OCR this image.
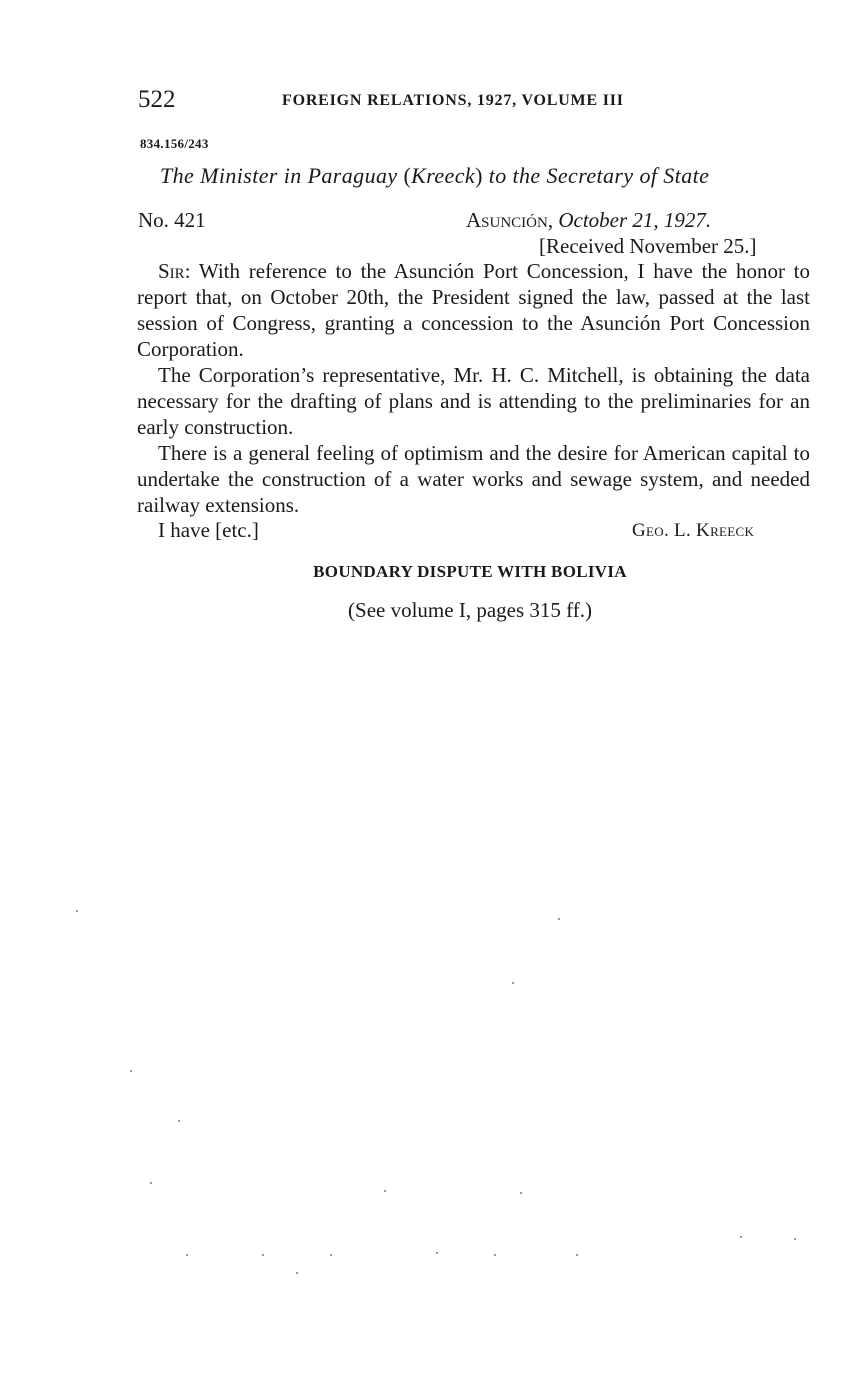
522	FOREIGN RELATIONS, 1927, VOLUME III
834.156/243
The Minister in Paraguay (Kreeck) to the Secretary of State
No. 421	Asunción, October 21, 1927.
[Received November 25.]

Sir: With reference to the Asunción Port Concession, I have the honor to report that, on October 20th, the President signed the law, passed at the last session of Congress, granting a concession to the Asunción Port Concession Corporation.

The Corporation’s representative, Mr. H. C. Mitchell, is obtaining the data necessary for the drafting of plans and is attending to the preliminaries for an early construction.

There is a general feeling of optimism and the desire for American capital to undertake the construction of a water works and sewage system, and needed railway extensions.

I have [etc.]	Geo. L. Kreeck
BOUNDARY DISPUTE WITH BOLIVIA
(See volume I, pages 315 ff.)
